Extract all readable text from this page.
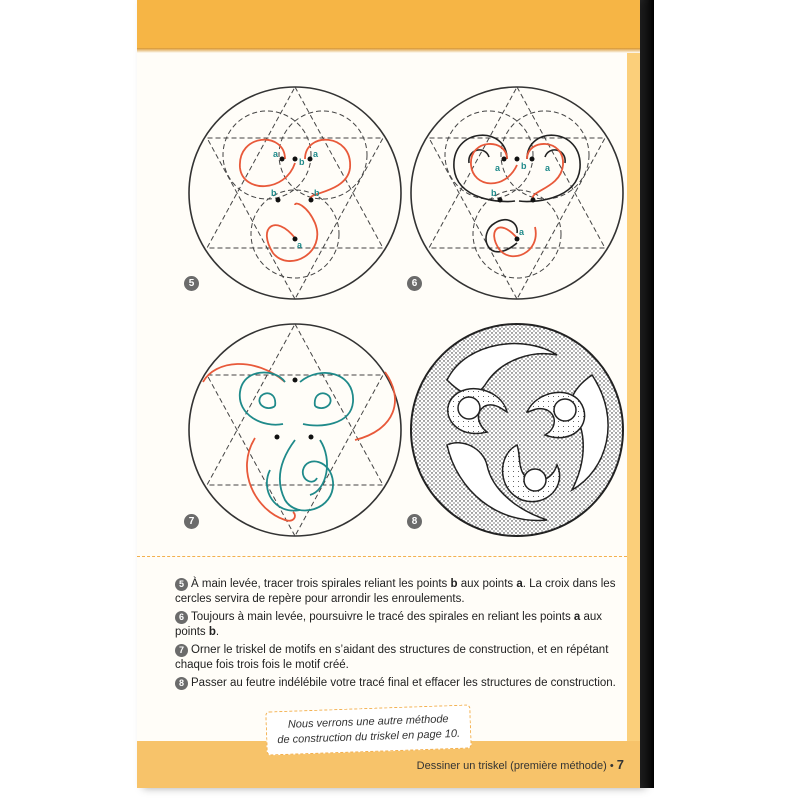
a
b
a
b	b
a
5
a b a
b
a
6
7	8
5 À main levée, tracer trois spirales reliant les points b aux points a. La croix dans les cercles servira de repère pour arrondir les enroulements.
6 Toujours à main levée, poursuivre le tracé des spirales en reliant les points a aux points b.
7 Orner le triskel de motifs en s’aidant des structures de construction, et en répétant chaque fois trois fois le motif créé.
8 Passer au feutre indélébile votre tracé final et effacer les structures de construction.
Nous verrons une autre méthode
de construction du triskel en page 10.
Dessiner un triskel (première méthode) • 7
